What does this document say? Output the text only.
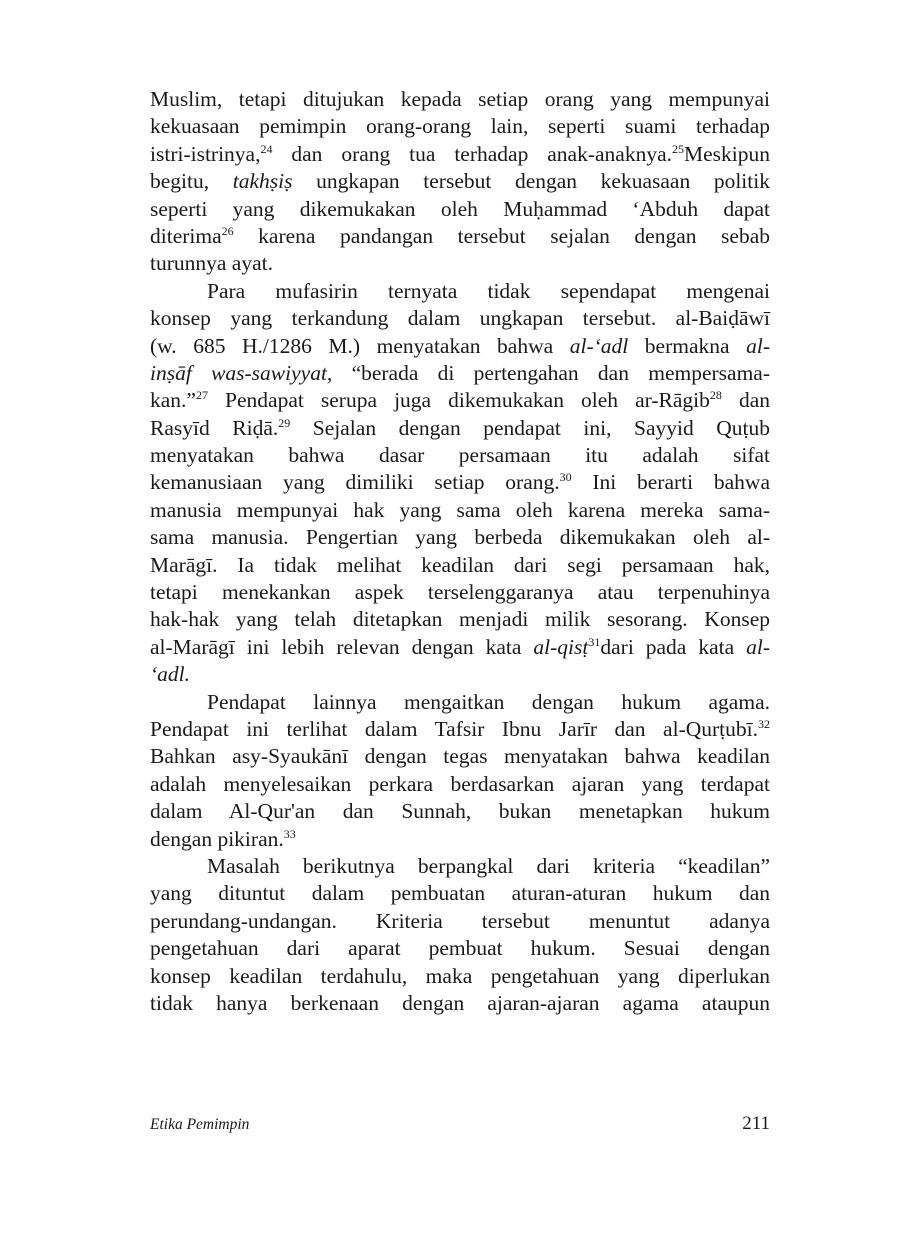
Muslim, tetapi ditujukan kepada setiap orang yang mempunyai
kekuasaan pemimpin orang-orang lain, seperti suami terhadap
istri-istrinya,$^{24}$ dan orang tua terhadap anak-anaknya.$^{25}$Meskipun
begitu, takhṣiṣ ungkapan tersebut dengan kekuasaan politik
seperti yang dikemukakan oleh Muḥammad ‘Abduh dapat
diterima$^{26}$ karena pandangan tersebut sejalan dengan sebab
turunnya ayat.
Para mufasirin ternyata tidak sependapat mengenai
konsep yang terkandung dalam ungkapan tersebut. al-Baiḍāwī
(w. 685 H./1286 M.) menyatakan bahwa al-‘adl bermakna al-
inṣāf was-sawiyyat, “berada di pertengahan dan mempersama-
kan.”$^{27}$ Pendapat serupa juga dikemukakan oleh ar-Rāgib$^{28}$ dan
Rasyīd Riḍā.$^{29}$ Sejalan dengan pendapat ini, Sayyid Quṭub
menyatakan bahwa dasar persamaan itu adalah sifat
kemanusiaan yang dimiliki setiap orang.$^{30}$ Ini berarti bahwa
manusia mempunyai hak yang sama oleh karena mereka sama-
sama manusia. Pengertian yang berbeda dikemukakan oleh al-
Marāgī. Ia tidak melihat keadilan dari segi persamaan hak,
tetapi menekankan aspek terselenggaranya atau terpenuhinya
hak-hak yang telah ditetapkan menjadi milik sesorang. Konsep
al-Marāgī ini lebih relevan dengan kata al-qisṭ$^{31}$dari pada kata al-
‘adl.
Pendapat lainnya mengaitkan dengan hukum agama.
Pendapat ini terlihat dalam Tafsir Ibnu Jarīr dan al-Qurṭubī.$^{32}$
Bahkan asy-Syaukānī dengan tegas menyatakan bahwa keadilan
adalah menyelesaikan perkara berdasarkan ajaran yang terdapat
dalam Al-Qur'an dan Sunnah, bukan menetapkan hukum
dengan pikiran.$^{33}$
Masalah berikutnya berpangkal dari kriteria “keadilan”
yang dituntut dalam pembuatan aturan-aturan hukum dan
perundang-undangan. Kriteria tersebut menuntut adanya
pengetahuan dari aparat pembuat hukum. Sesuai dengan
konsep keadilan terdahulu, maka pengetahuan yang diperlukan
tidak hanya berkenaan dengan ajaran-ajaran agama ataupun
Etika Pemimpin	211
